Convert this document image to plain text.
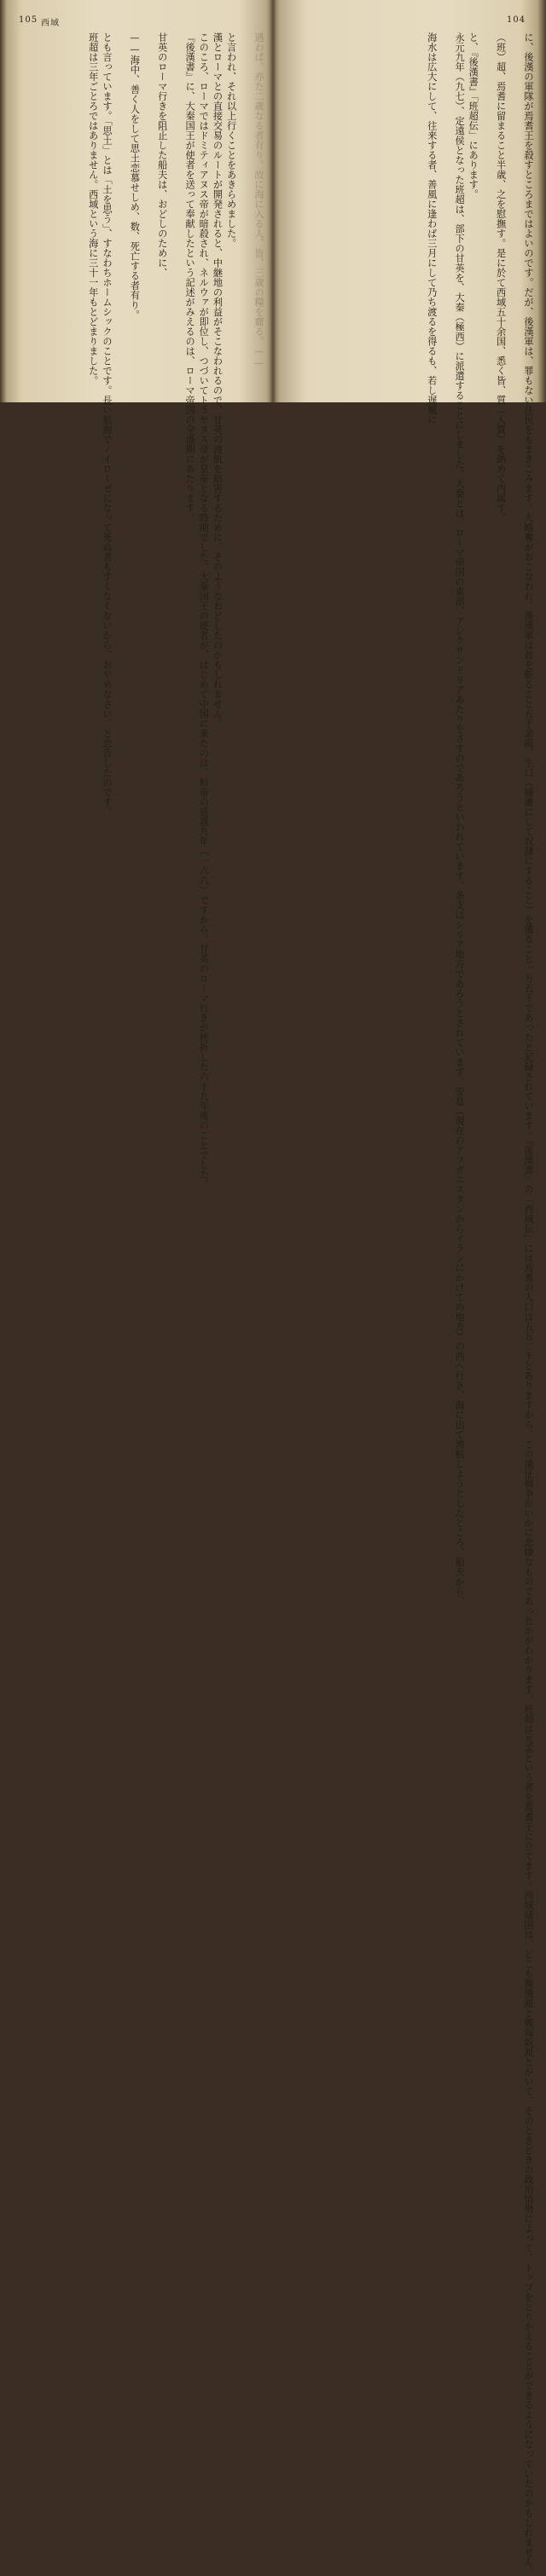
105 西域
遇わば、亦た二歳なる者有り。故に海に入る人、皆、三歳の糧を齎る。——
と言われ、それ以上行くことをあきらめました。
漢とローマとの直接交易のルートが開発されると、中継地の利益がそこなわれるので、甘英の渡航を妨害するために、そのようなおどしたのかもしれません。
このころ、ローマではドミティアヌス帝が暗殺され、ネルウァが即位し、つづいてトラヤヌス帝が皇帝となる時期でした。大秦国王の使者が、はじめて中国に来たのは、桓帝の延熹九年（一六六）ですから、甘英のローマ行きが挫折した六十九年後のことでした。
『後漢書』に、大秦国王が使者を送って奉献したという記述がみえるのは、ローマ帝国の全盛期にあたります。
甘英のローマ行きを阻止した船夫は、おどしのために、
——海中、善く人をして思土恋慕せしめ、数、死亡する者有り。
とも言っています。「思土」とは「土を思う」、すなわちホームシックのことです。長い航海でノイローゼになって死ぬ者もすくなくないから、おやめなさい、と忠告したのです。
班超は三年ごとろではありません。西域という海に三十一年もとどまりました。
104
に、後漢の軍隊が焉耆王を殺すところまではよいのです。だが、後漢軍は、罪もない住民をもまきこみます。大略奪がおこなわれ、後漢軍は首を斬ること五千余級、生口（捕虜にして奴隷にすること）を獲ること一万五千であったと記録されています。『後漢書』の「西域伝」には焉耆の人口は五万二千とありますから、この遠征戦争がいかに悲惨なものであったかがわかります。班超は元孟という者を焉耆王に立てます。西域諸国は、どこも親漢派と親匈奴派とがいて、そのときどきの政治情勢によって、トップをとりかえることができるようになっていたのかもしれません。
（班）超、焉耆に留まること半歳、之を慰撫す。是に於て西域五十余国、悉く皆、質（人質）を納めて内属す。
と、『後漢書』「班超伝」にあります。
永元九年（九七）、定遠侯となった班超は、部下の甘英を、大秦（極西）に派遣することにしました。大秦とは、ローマ帝国の東部、アレクサンドリアあたりをさすのであろうといわれています。条支はシリア地方であろうとされています。安息（現在のアフガニスタンからイランにかけての地方）の西へ行き、海に出て渡航しようとしたところ、船夫から、
海水は広大にして、往来する者、善風に逢わば三月にして乃ち渡るを得るも、若し遅風に
